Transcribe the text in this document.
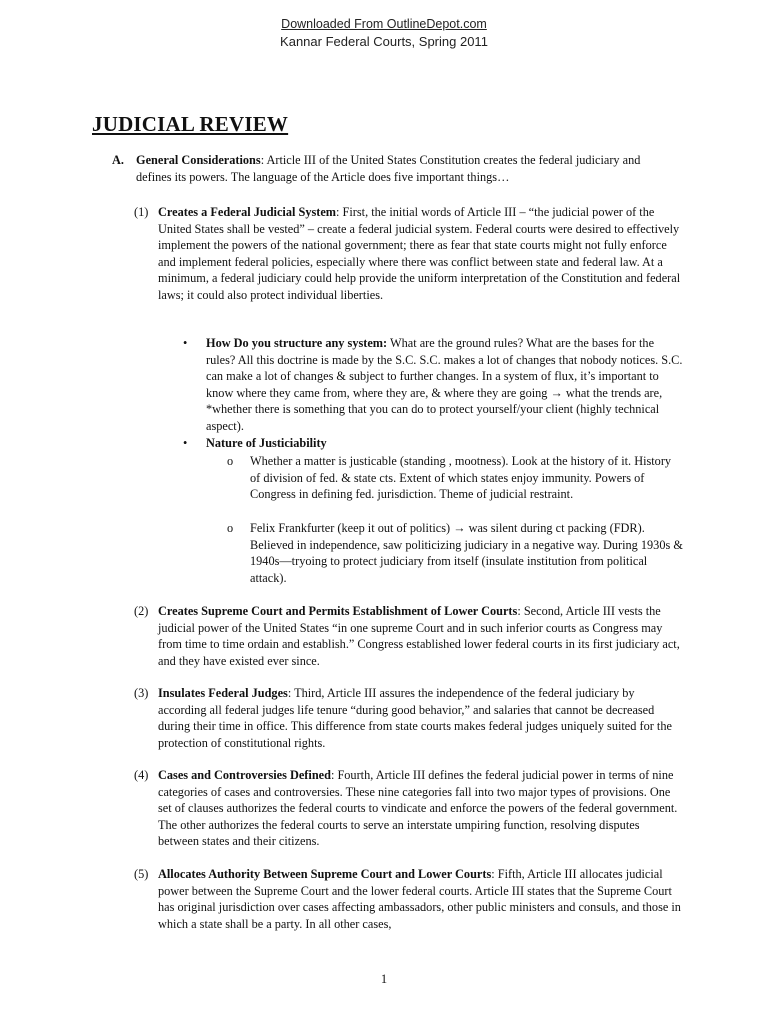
Downloaded From OutlineDepot.com
Kannar Federal Courts, Spring 2011
JUDICIAL REVIEW
A. General Considerations: Article III of the United States Constitution creates the federal judiciary and defines its powers. The language of the Article does five important things…
(1) Creates a Federal Judicial System: First, the initial words of Article III – “the judicial power of the United States shall be vested” – create a federal judicial system. Federal courts were desired to effectively implement the powers of the national government; there as fear that state courts might not fully enforce and implement federal policies, especially where there was conflict between state and federal law. At a minimum, a federal judiciary could help provide the uniform interpretation of the Constitution and federal laws; it could also protect individual liberties.
• How Do you structure any system: What are the ground rules? What are the bases for the rules? All this doctrine is made by the S.C. S.C. makes a lot of changes that nobody notices. S.C. can make a lot of changes & subject to further changes. In a system of flux, it’s important to know where they came from, where they are, & where they are going → what the trends are, *whether there is something that you can do to protect yourself/your client (highly technical aspect).
• Nature of Justiciability
o Whether a matter is justicable (standing , mootness). Look at the history of it. History of division of fed. & state cts. Extent of which states enjoy immunity. Powers of Congress in defining fed. jurisdiction. Theme of judicial restraint.
o Felix Frankfurter (keep it out of politics) → was silent during ct packing (FDR). Believed in independence, saw politicizing judiciary in a negative way. During 1930s & 1940s—tryoing to protect judiciary from itself (insulate institution from political attack).
(2) Creates Supreme Court and Permits Establishment of Lower Courts: Second, Article III vests the judicial power of the United States “in one supreme Court and in such inferior courts as Congress may from time to time ordain and establish.” Congress established lower federal courts in its first judiciary act, and they have existed ever since.
(3) Insulates Federal Judges: Third, Article III assures the independence of the federal judiciary by according all federal judges life tenure “during good behavior,” and salaries that cannot be decreased during their time in office. This difference from state courts makes federal judges uniquely suited for the protection of constitutional rights.
(4) Cases and Controversies Defined: Fourth, Article III defines the federal judicial power in terms of nine categories of cases and controversies. These nine categories fall into two major types of provisions. One set of clauses authorizes the federal courts to vindicate and enforce the powers of the federal government. The other authorizes the federal courts to serve an interstate umpiring function, resolving disputes between states and their citizens.
(5) Allocates Authority Between Supreme Court and Lower Courts: Fifth, Article III allocates judicial power between the Supreme Court and the lower federal courts. Article III states that the Supreme Court has original jurisdiction over cases affecting ambassadors, other public ministers and consuls, and those in which a state shall be a party. In all other cases,
1
